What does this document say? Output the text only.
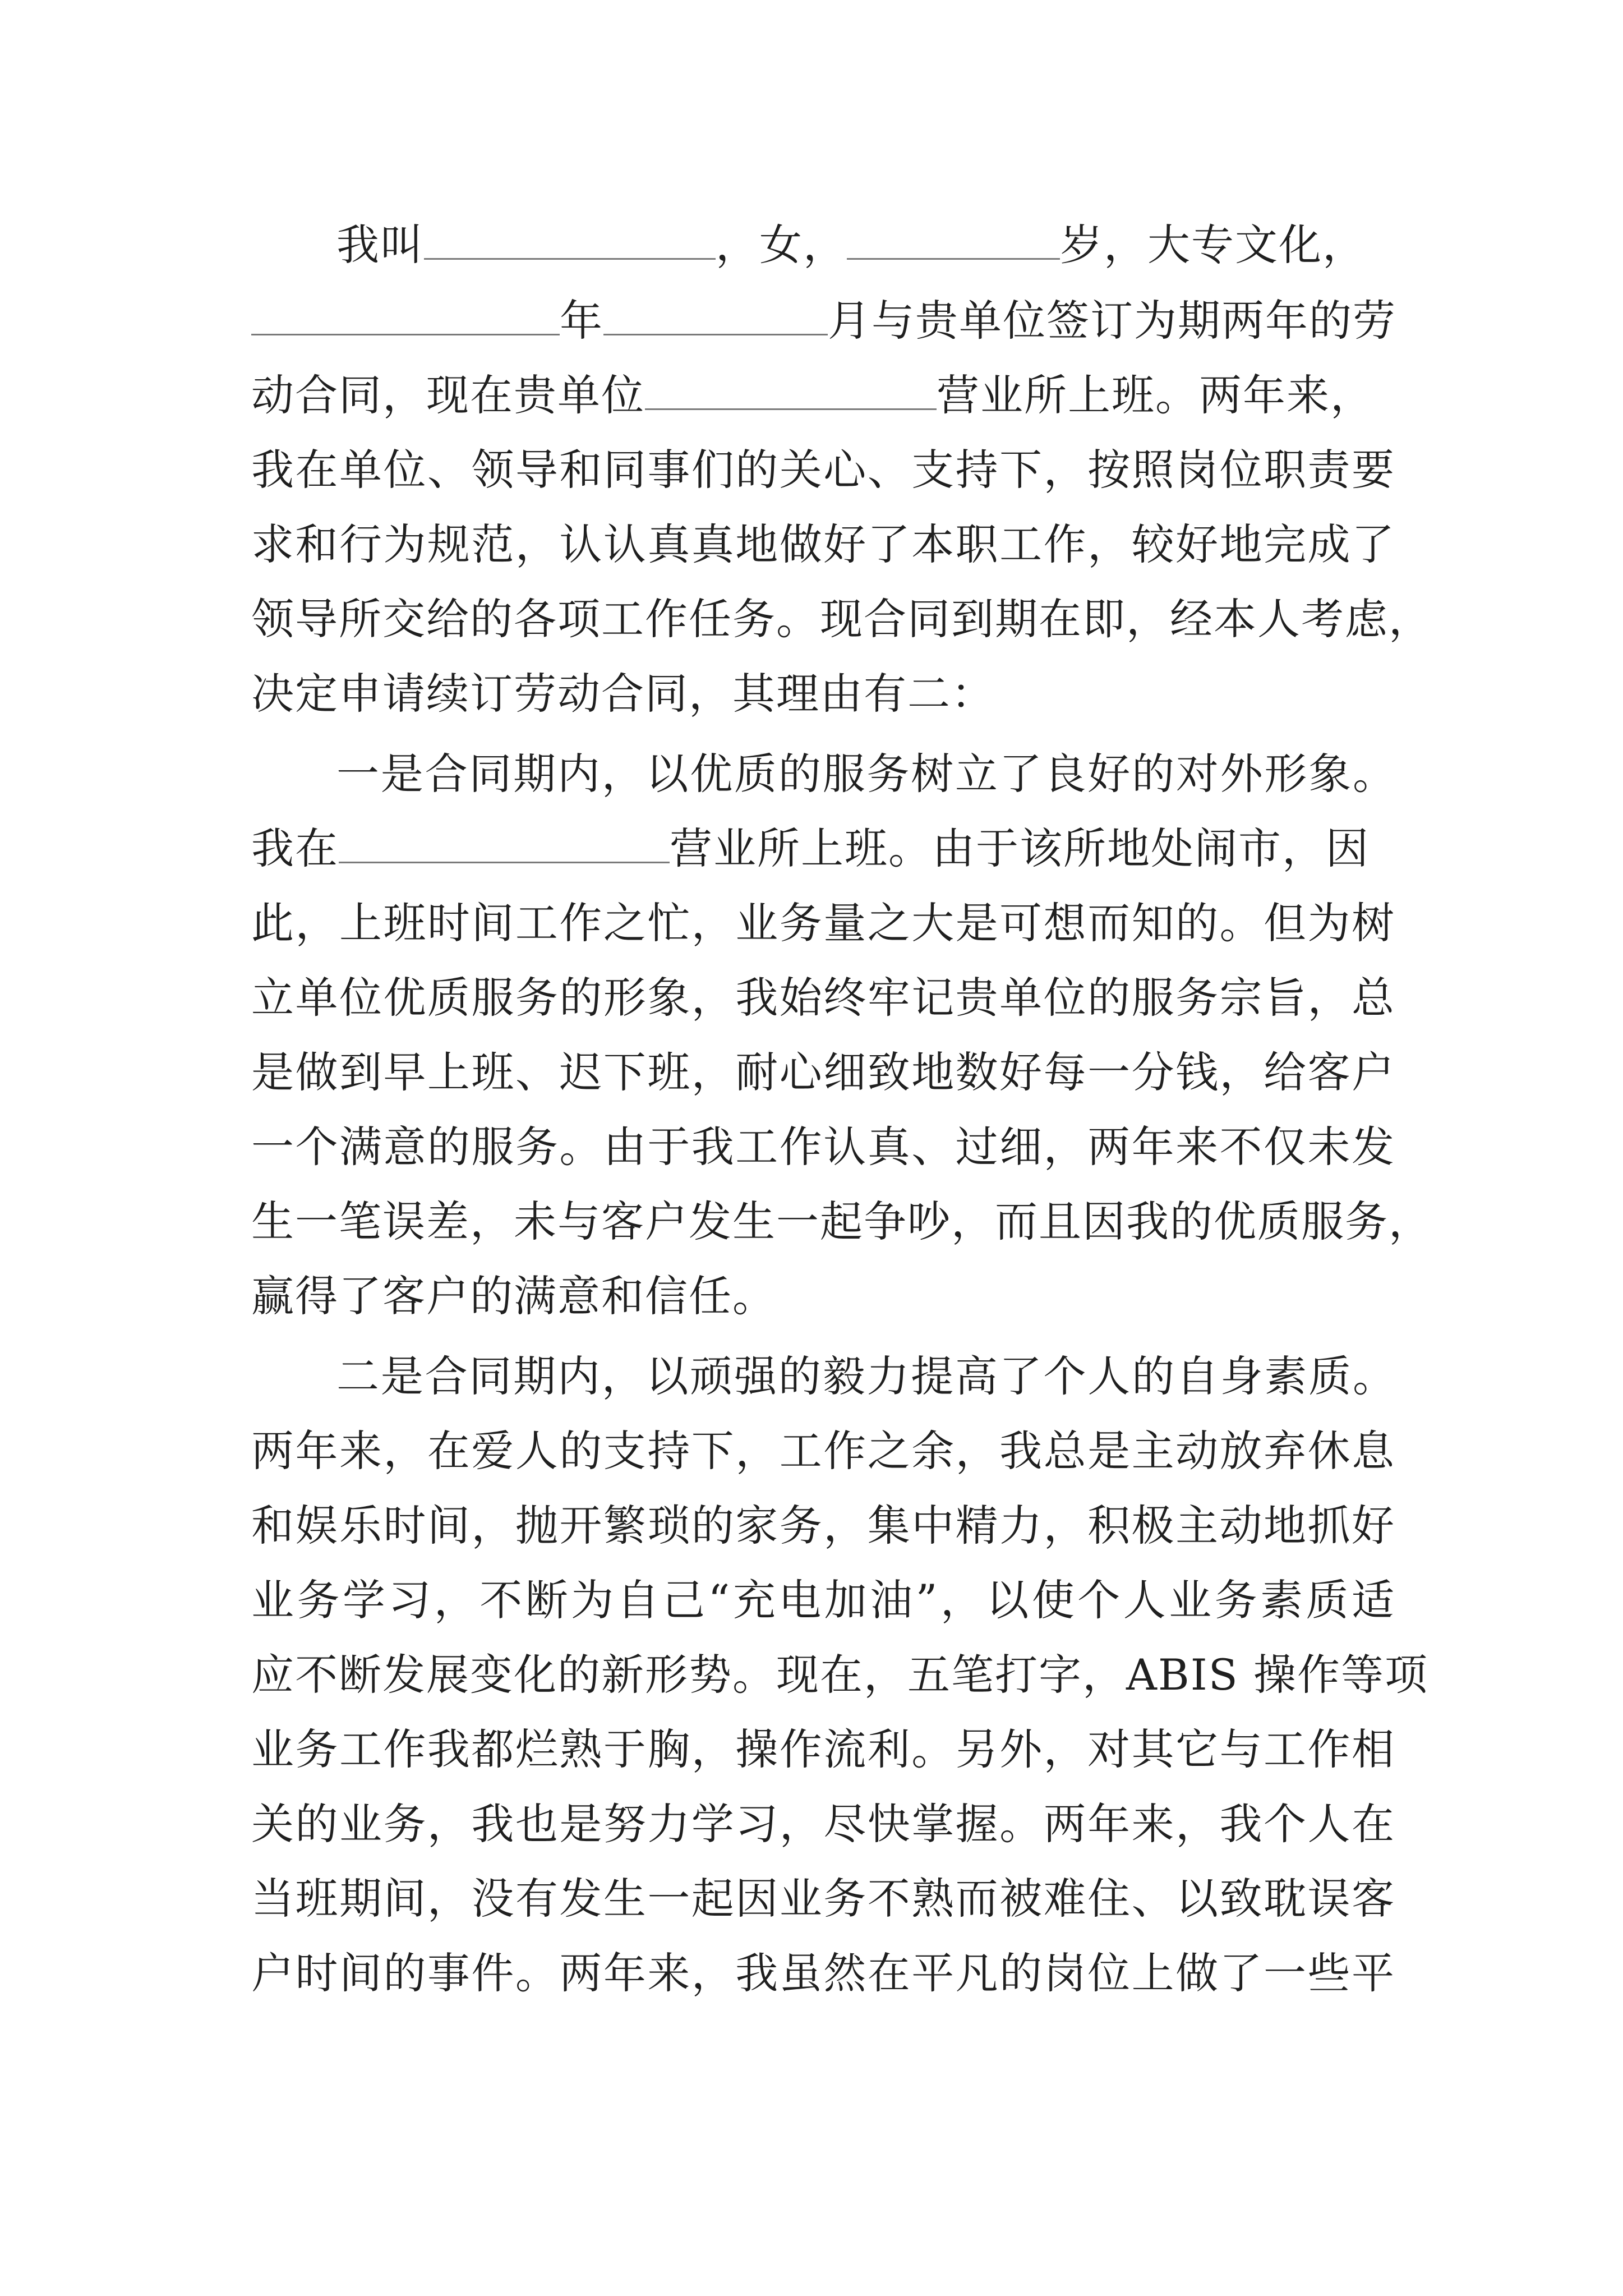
我叫	，女，	岁，大专文化，
年	月与贵单位签订为期两年的劳
动合同，现在贵单位	营业所上班。两年来，
我在单位、领导和同事们的关心、支持下，按照岗位职责要
求和行为规范，认认真真地做好了本职工作，较好地完成了
领导所交给的各项工作任务。现合同到期在即，经本人考虑，
决定申请续订劳动合同，其理由有二：
一是合同期内，以优质的服务树立了良好的对外形象。
我在	营业所上班。由于该所地处闹市，因
此，上班时间工作之忙，业务量之大是可想而知的。但为树
立单位优质服务的形象，我始终牢记贵单位的服务宗旨，总
是做到早上班、迟下班，耐心细致地数好每一分钱，给客户
一个满意的服务。由于我工作认真、过细，两年来不仅未发
生一笔误差，未与客户发生一起争吵，而且因我的优质服务，
赢得了客户的满意和信任。
二是合同期内，以顽强的毅力提高了个人的自身素质。
两年来，在爱人的支持下，工作之余，我总是主动放弃休息
和娱乐时间，抛开繁琐的家务，集中精力，积极主动地抓好
业务学习，不断为自己“充电加油”，以使个人业务素质适
应不断发展变化的新形势。现在，五笔打字，ABIS 操作等项
业务工作我都烂熟于胸，操作流利。另外，对其它与工作相
关的业务，我也是努力学习，尽快掌握。两年来，我个人在
当班期间，没有发生一起因业务不熟而被难住、以致耽误客
户时间的事件。两年来，我虽然在平凡的岗位上做了一些平
